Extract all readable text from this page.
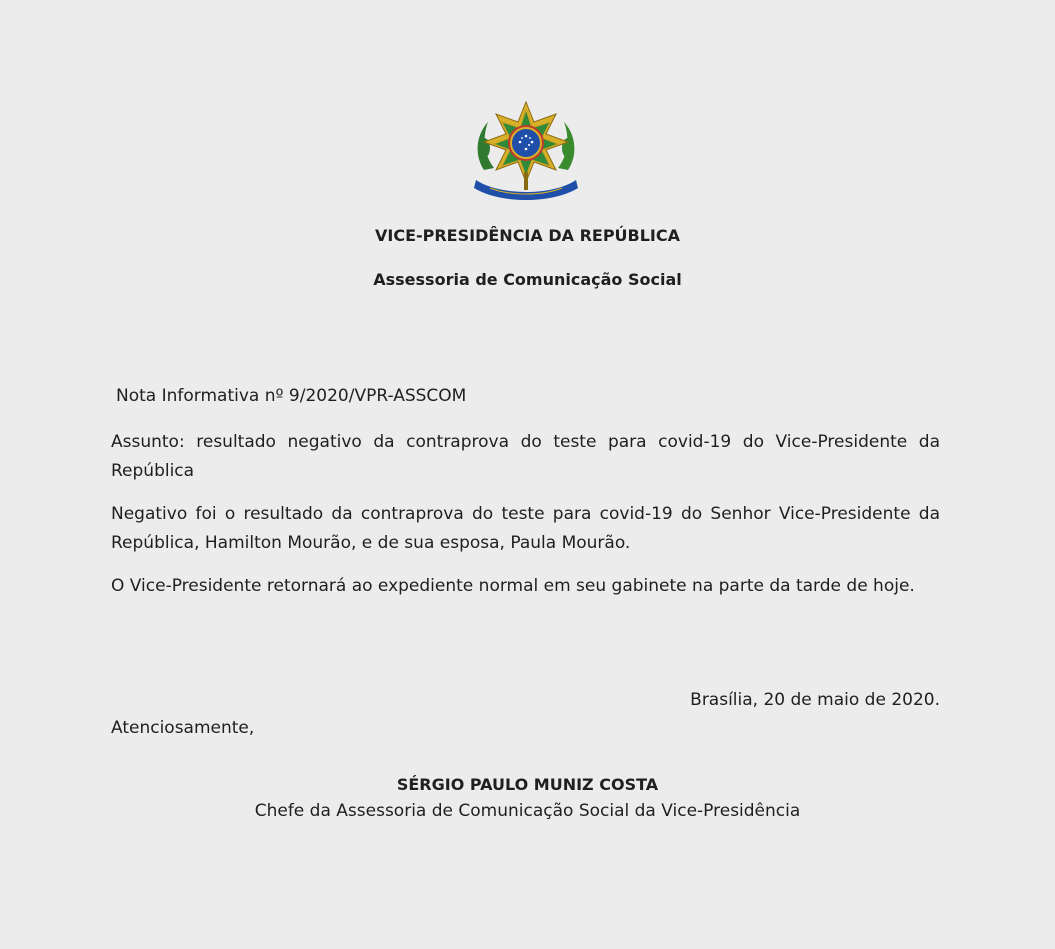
VICE-PRESIDÊNCIA DA REPÚBLICA
Assessoria de Comunicação Social
Nota Informativa nº 9/2020/VPR-ASSCOM
Assunto: resultado negativo da contraprova do teste para covid-19 do Vice-Presidente da República
Negativo foi o resultado da contraprova do teste para covid-19 do Senhor Vice-Presidente da República, Hamilton Mourão, e de sua esposa, Paula Mourão.
O Vice-Presidente retornará ao expediente normal em seu gabinete na parte da tarde de hoje.
Brasília, 20 de maio de 2020.
Atenciosamente,
SÉRGIO PAULO MUNIZ COSTA
Chefe da Assessoria de Comunicação Social da Vice-Presidência
